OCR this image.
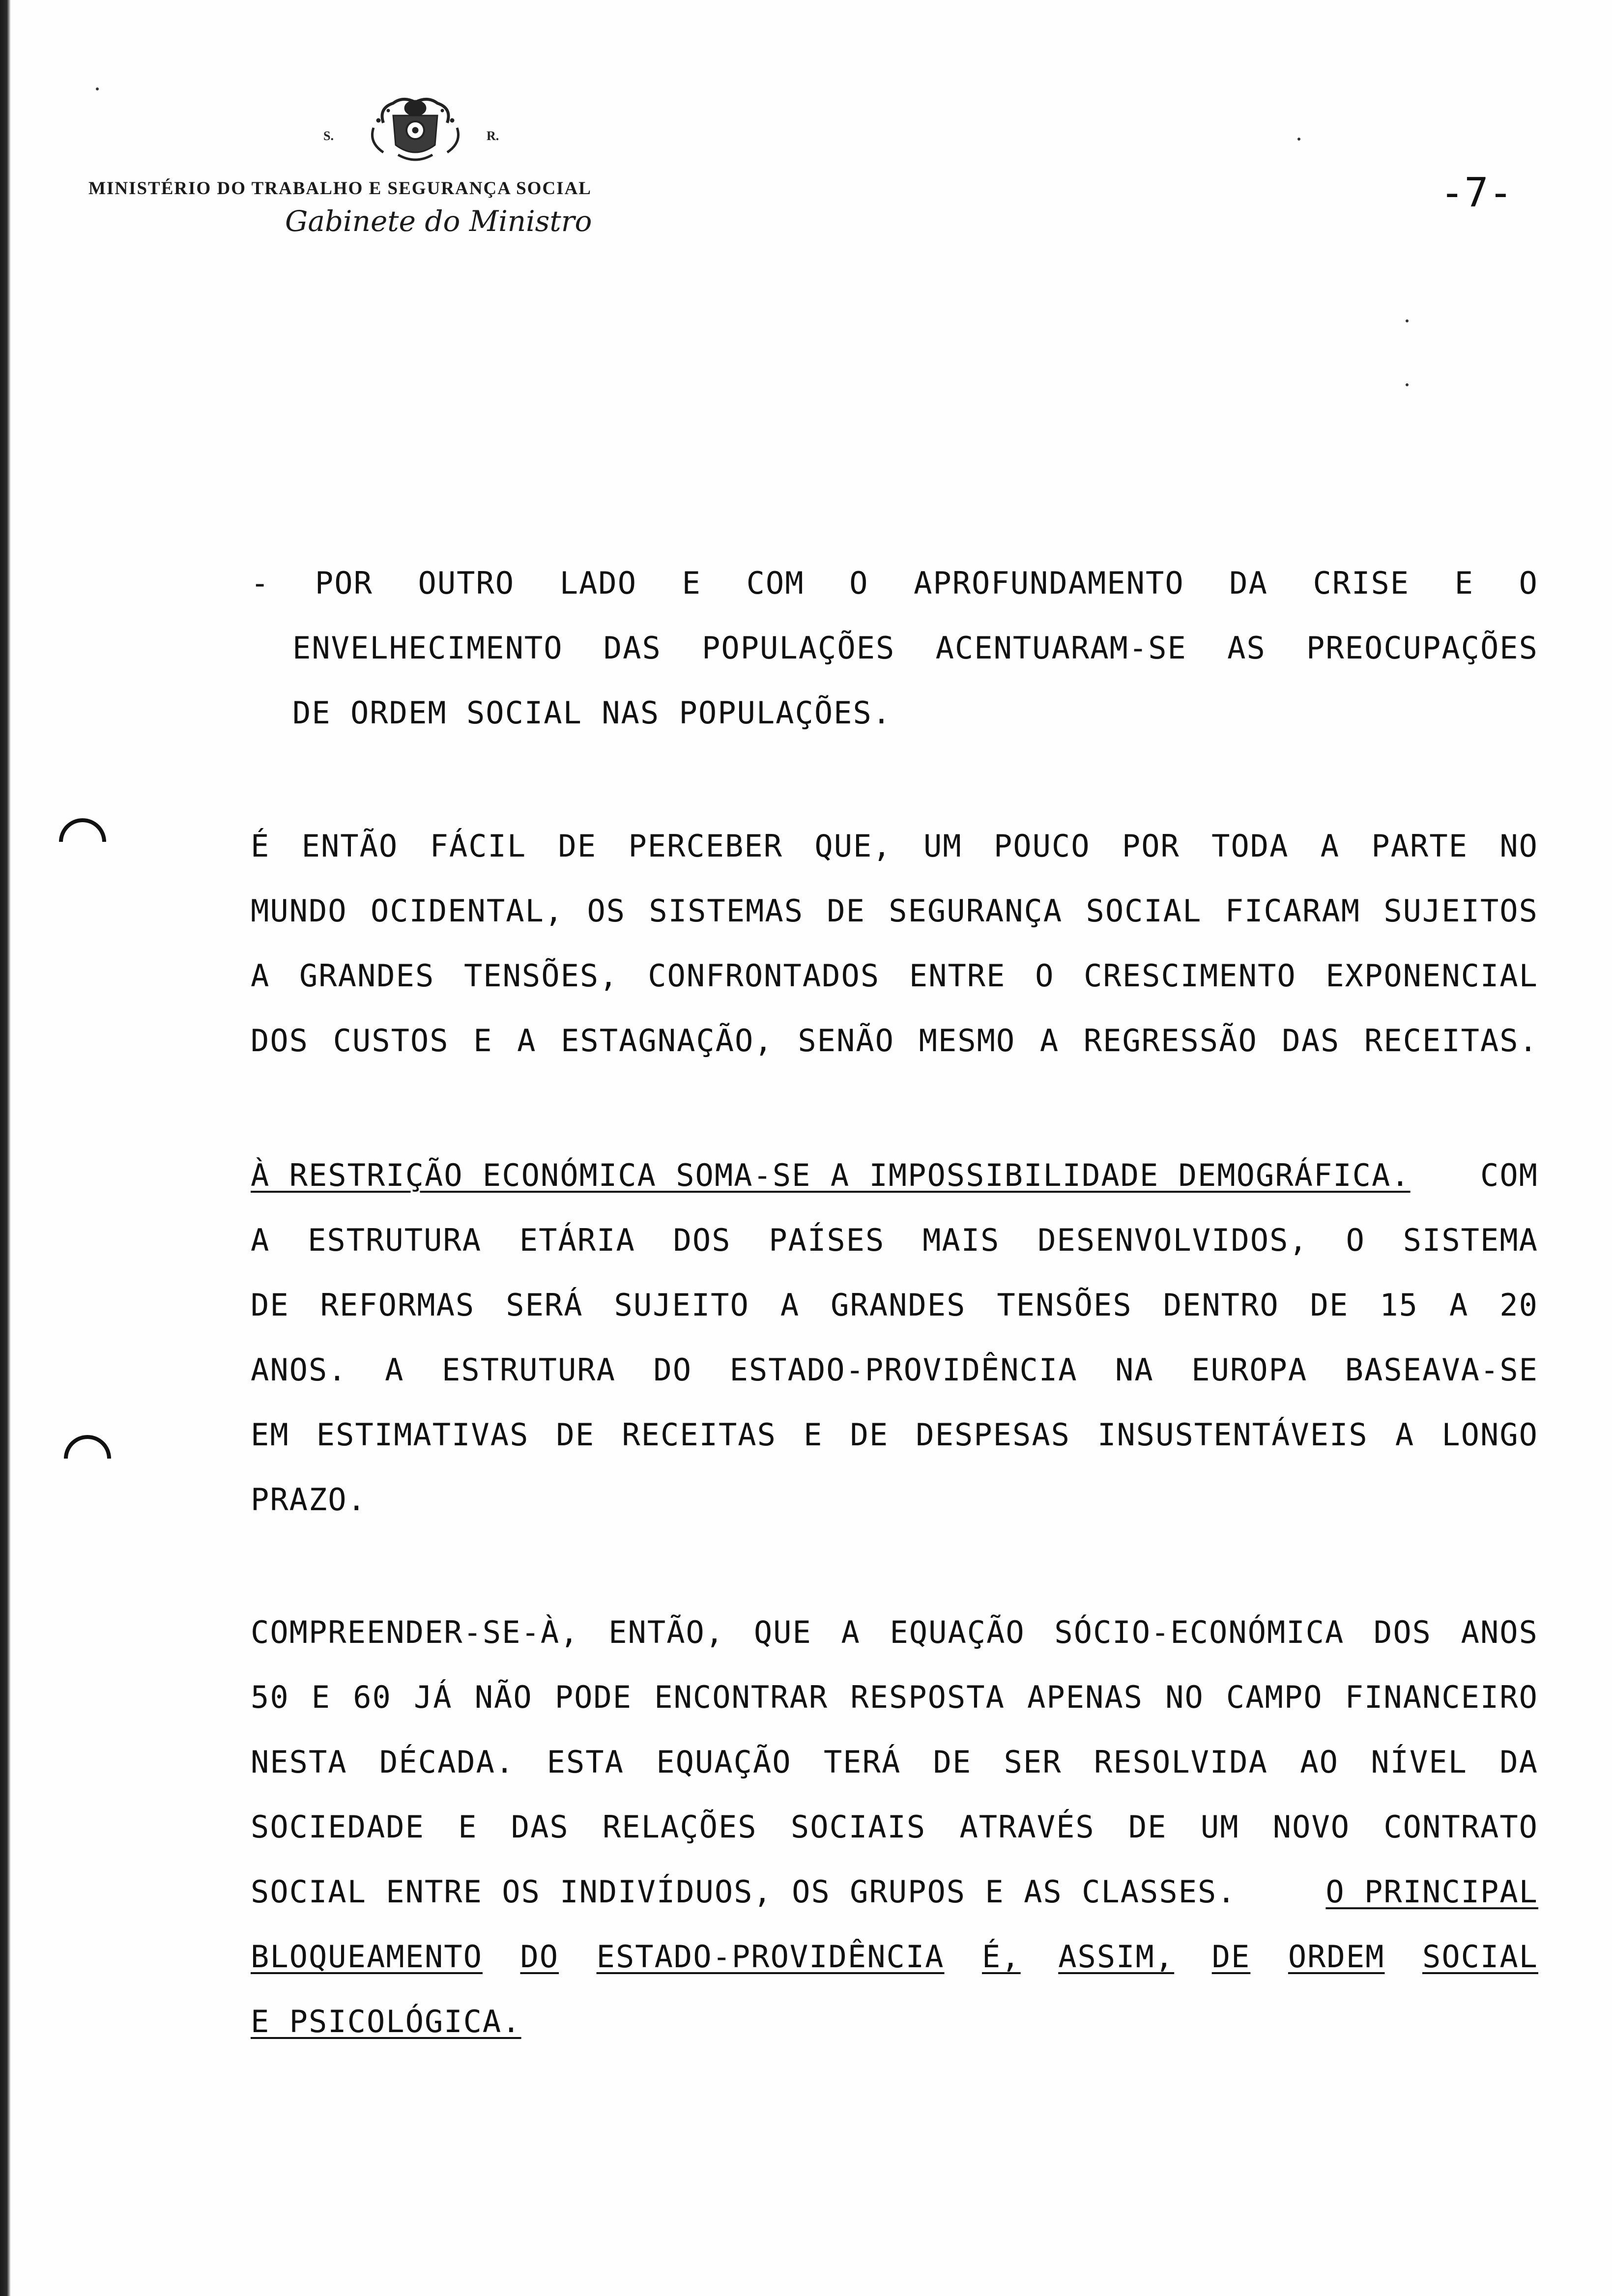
S.	R.
MINISTÉRIO DO TRABALHO E SEGURANÇA SOCIAL
Gabinete do Ministro
-7-
- POR OUTRO LADO E COM O APROFUNDAMENTO DA CRISE E O
ENVELHECIMENTO DAS POPULAÇÕES ACENTUARAM-SE AS PREOCUPAÇÕES
DE ORDEM SOCIAL NAS POPULAÇÕES.
É ENTÃO FÁCIL DE PERCEBER QUE, UM POUCO POR TODA A PARTE NO
MUNDO OCIDENTAL, OS SISTEMAS DE SEGURANÇA SOCIAL FICARAM SUJEITOS
A GRANDES TENSÕES, CONFRONTADOS ENTRE O CRESCIMENTO EXPONENCIAL
DOS CUSTOS E A ESTAGNAÇÃO, SENÃO MESMO A REGRESSÃO DAS RECEITAS.
À RESTRIÇÃO ECONÓMICA SOMA-SE A IMPOSSIBILIDADE DEMOGRÁFICA. COM
A ESTRUTURA ETÁRIA DOS PAÍSES MAIS DESENVOLVIDOS, O SISTEMA
DE REFORMAS SERÁ SUJEITO A GRANDES TENSÕES DENTRO DE 15 A 20
ANOS. A ESTRUTURA DO ESTADO-PROVIDÊNCIA NA EUROPA BASEAVA-SE
EM ESTIMATIVAS DE RECEITAS E DE DESPESAS INSUSTENTÁVEIS A LONGO
PRAZO.
COMPREENDER-SE-À, ENTÃO, QUE A EQUAÇÃO SÓCIO-ECONÓMICA DOS ANOS
50 E 60 JÁ NÃO PODE ENCONTRAR RESPOSTA APENAS NO CAMPO FINANCEIRO
NESTA DÉCADA. ESTA EQUAÇÃO TERÁ DE SER RESOLVIDA AO NÍVEL DA
SOCIEDADE E DAS RELAÇÕES SOCIAIS ATRAVÉS DE UM NOVO CONTRATO
SOCIAL ENTRE OS INDIVÍDUOS, OS GRUPOS E AS CLASSES.	O PRINCIPAL
BLOQUEAMENTO DO ESTADO-PROVIDÊNCIA É, ASSIM, DE ORDEM SOCIAL
E PSICOLÓGICA.
